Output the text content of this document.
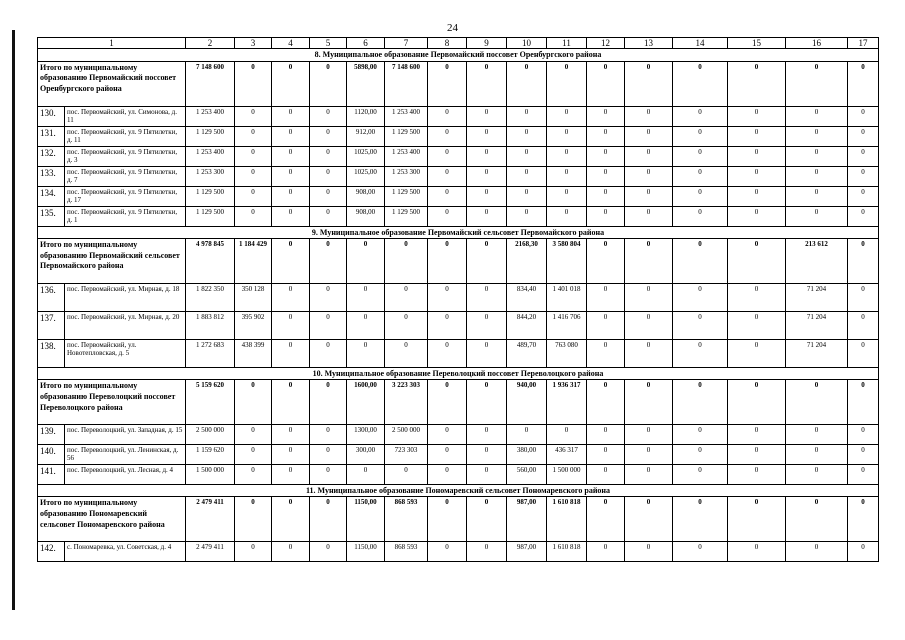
24
1		2	3	4	5	6	7	8	9	10	11	12	13	14	15	16	17	
8. Муниципальное образование Первомайский поссовет Оренбургского района																		
Итого по муниципальному образованию Первомайский поссовет Оренбургского района		7 148 600	0	0	0	5898,00	7 148 600	0	0	0	0	0	0	0	0	0	0	
130.	пос. Первомайский, ул. Симонова, д. 11	1 253 400	0	0	0	1120,00	1 253 400	0	0	0	0	0	0	0	0	0	0	
131.	пос. Первомайский, ул. 9 Пятилетки, д. 11	1 129 500	0	0	0	912,00	1 129 500	0	0	0	0	0	0	0	0	0	0	
132.	пос. Первомайский, ул. 9 Пятилетки, д. 3	1 253 400	0	0	0	1025,00	1 253 400	0	0	0	0	0	0	0	0	0	0	
133.	пос. Первомайский, ул. 9 Пятилетки, д. 7	1 253 300	0	0	0	1025,00	1 253 300	0	0	0	0	0	0	0	0	0	0	
134.	пос. Первомайский, ул. 9 Пятилетки, д. 17	1 129 500	0	0	0	908,00	1 129 500	0	0	0	0	0	0	0	0	0	0	
135.	пос. Первомайский, ул. 9 Пятилетки, д. 1	1 129 500	0	0	0	908,00	1 129 500	0	0	0	0	0	0	0	0	0	0	
9. Муниципальное образование Первомайский сельсовет Первомайского района																		
Итого по муниципальному образованию Первомайский сельсовет Первомайского района		4 978 845	1 184 429	0	0	0	0	0	0	2168,30	3 580 804	0	0	0	0	213 612	0	
136.	пос. Первомайский, ул. Мирная, д. 18	1 822 350	350 128	0	0	0	0	0	0	834,40	1 401 018	0	0	0	0	71 204	0	
137.	пос. Первомайский, ул. Мирная, д. 20	1 883 812	395 902	0	0	0	0	0	0	844,20	1 416 706	0	0	0	0	71 204	0	
138.	пос. Первомайский, ул. Новотепловская, д. 5	1 272 683	438 399	0	0	0	0	0	0	489,70	763 080	0	0	0	0	71 204	0	
10. Муниципальное образование Переволоцкий поссовет Переволоцкого района																		
Итого по муниципальному образованию Переволоцкий поссовет Переволоцкого района		5 159 620	0	0	0	1600,00	3 223 303	0	0	940,00	1 936 317	0	0	0	0	0	0	
139.	пос. Переволоцкий, ул. Западная, д. 15	2 500 000	0	0	0	1300,00	2 500 000	0	0	0	0	0	0	0	0	0	0	
140.	пос. Переволоцкий, ул. Ленинская, д. 56	1 159 620	0	0	0	300,00	723 303	0	0	380,00	436 317	0	0	0	0	0	0	
141.	пос. Переволоцкий, ул. Лесная, д. 4	1 500 000	0	0	0	0	0	0	0	560,00	1 500 000	0	0	0	0	0	0	
11. Муниципальное образование Пономаревский сельсовет Пономаревского района																		
Итого по муниципальному образованию Пономаревский сельсовет Пономаревского района		2 479 411	0	0	0	1150,00	868 593	0	0	987,00	1 610 818	0	0	0	0	0	0	
142.	с. Пономаревка, ул. Советская, д. 4	2 479 411	0	0	0	1150,00	868 593	0	0	987,00	1 610 818	0	0	0	0	0	0	
